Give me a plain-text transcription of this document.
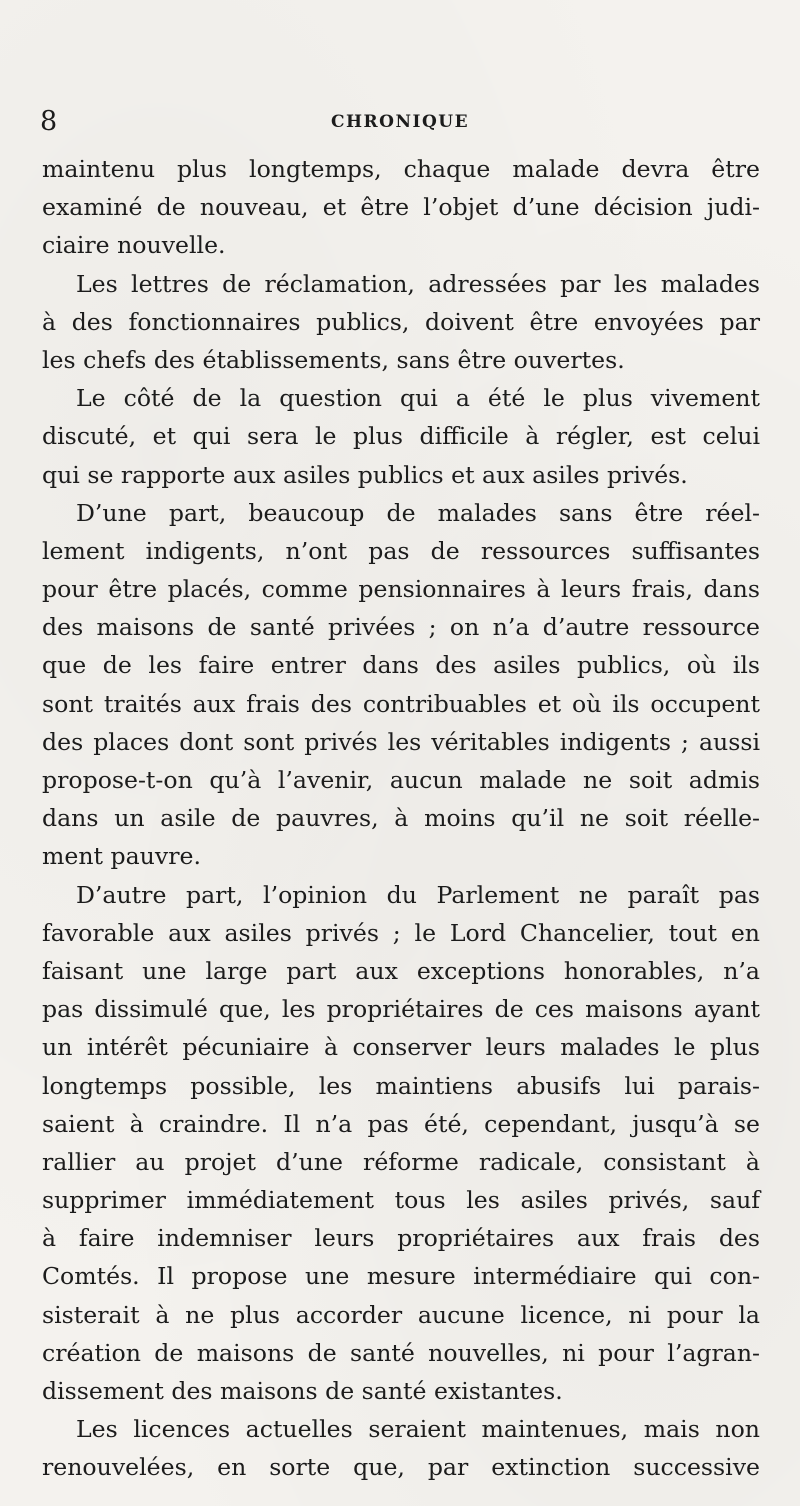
8	CHRONIQUE
maintenu plus longtemps, chaque malade devra être
examiné de nouveau, et être l’objet d’une décision judi-
ciaire nouvelle.
Les lettres de réclamation, adressées par les malades
à des fonctionnaires publics, doivent être envoyées par
les chefs des établissements, sans être ouvertes.
Le côté de la question qui a été le plus vivement
discuté, et qui sera le plus difficile à régler, est celui
qui se rapporte aux asiles publics et aux asiles privés.
D’une part, beaucoup de malades sans être réel-
lement indigents, n’ont pas de ressources suffisantes
pour être placés, comme pensionnaires à leurs frais, dans
des maisons de santé privées ; on n’a d’autre ressource
que de les faire entrer dans des asiles publics, où ils
sont traités aux frais des contribuables et où ils occupent
des places dont sont privés les véritables indigents ; aussi
propose-t-on qu’à l’avenir, aucun malade ne soit admis
dans un asile de pauvres, à moins qu’il ne soit réelle-
ment pauvre.
D’autre part, l’opinion du Parlement ne paraît pas
favorable aux asiles privés ; le Lord Chancelier, tout en
faisant une large part aux exceptions honorables, n’a
pas dissimulé que, les propriétaires de ces maisons ayant
un intérêt pécuniaire à conserver leurs malades le plus
longtemps possible, les maintiens abusifs lui parais-
saient à craindre. Il n’a pas été, cependant, jusqu’à se
rallier au projet d’une réforme radicale, consistant à
supprimer immédiatement tous les asiles privés, sauf
à faire indemniser leurs propriétaires aux frais des
Comtés. Il propose une mesure intermédiaire qui con-
sisterait à ne plus accorder aucune licence, ni pour la
création de maisons de santé nouvelles, ni pour l’agran-
dissement des maisons de santé existantes.
Les licences actuelles seraient maintenues, mais non
renouvelées, en sorte que, par extinction successive
